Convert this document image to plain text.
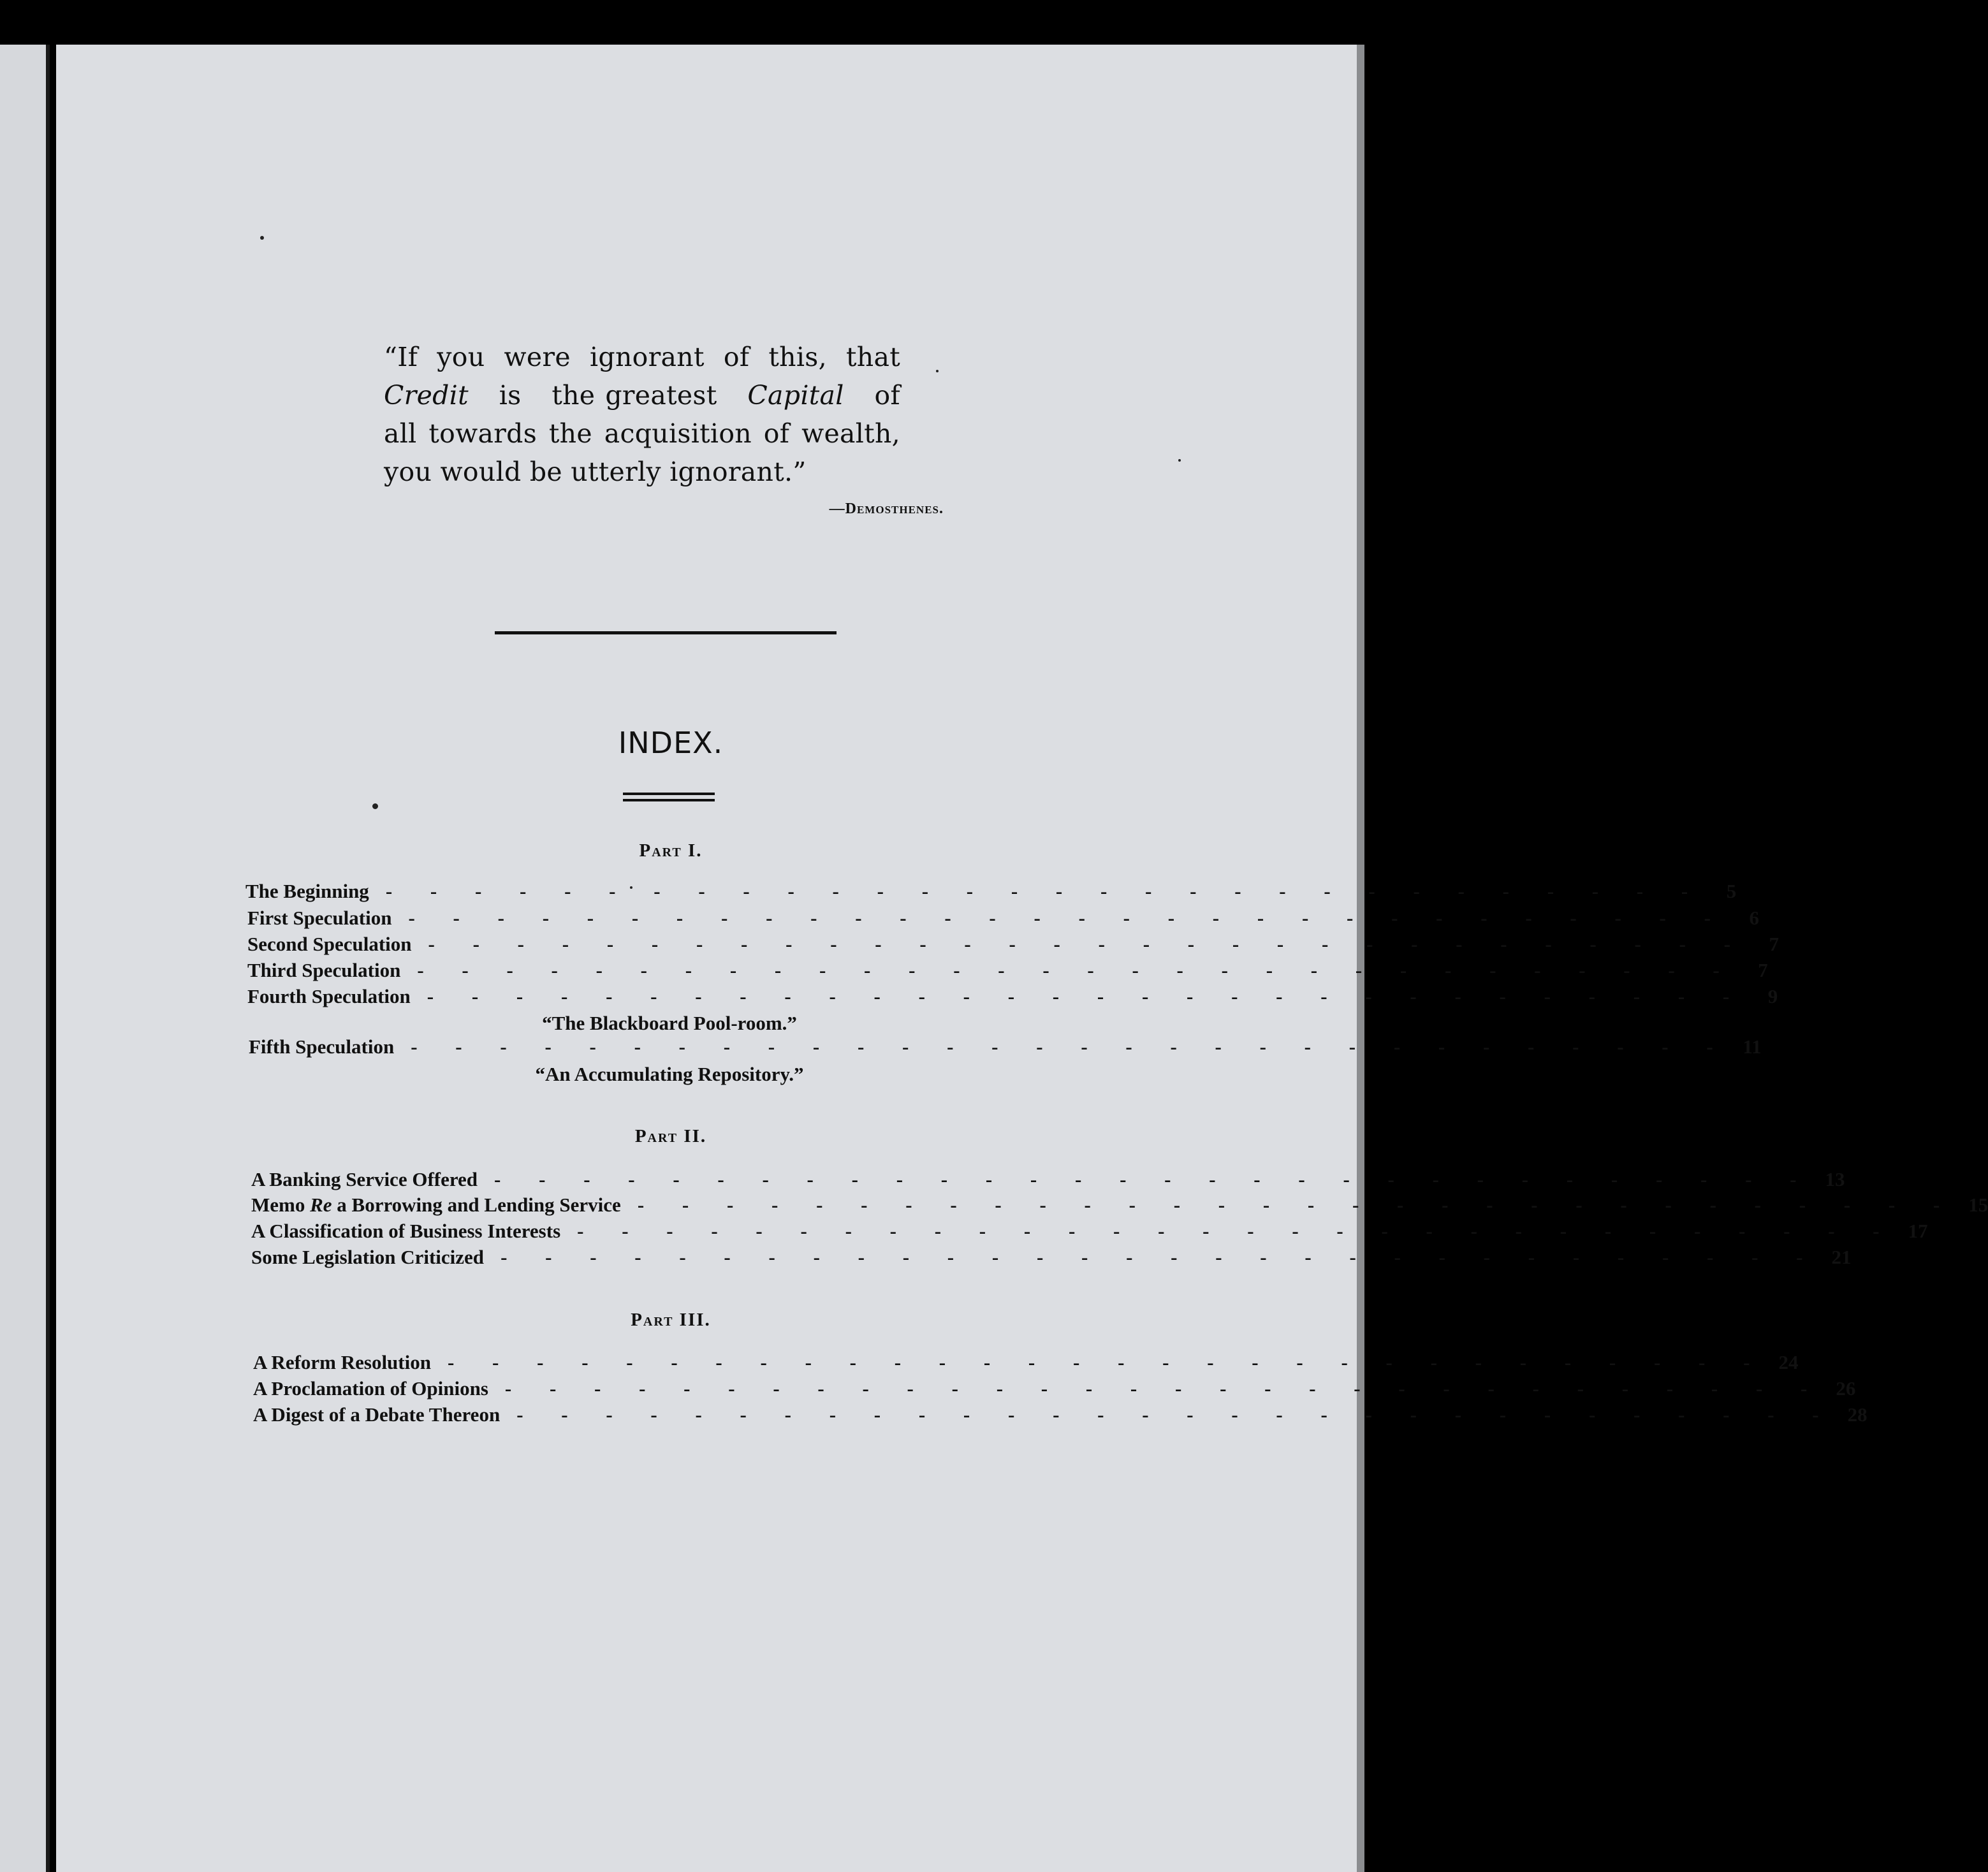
“If you were ignorant of this, that
Credit is the greatest Capital of
all towards the acquisition of wealth,
you would be utterly ignorant.”
—Demosthenes.
INDEX.
Part I.
The Beginning - - - - - - - - - - - - - - - - - - - - - - - - - - - - - -	5
First Speculation - - - - - - - - - - - - - - - - - - - - - - - - - - - - - -	6
Second Speculation - - - - - - - - - - - - - - - - - - - - - - - - - - - - - -	7
Third Speculation - - - - - - - - - - - - - - - - - - - - - - - - - - - - - -	7
Fourth Speculation - - - - - - - - - - - - - - - - - - - - - - - - - - - - - -	9
“The Blackboard Pool-room.”
Fifth Speculation - - - - - - - - - - - - - - - - - - - - - - - - - - - - - - 11
“An Accumulating Repository.”
Part II.
A Banking Service Offered - - - - - - - - - - - - - - - - - - - - - - - - - - - - - - 13
Memo Re a Borrowing and Lending Service - - - - - - - - - - - - - - - - - - - - - - - - - - - - - - 15
A Classification of Business Interests - - - - - - - - - - - - - - - - - - - - - - - - - - - - - - 17
Some Legislation Criticized - - - - - - - - - - - - - - - - - - - - - - - - - - - - - - 21
Part III.
A Reform Resolution - - - - - - - - - - - - - - - - - - - - - - - - - - - - - - 24
A Proclamation of Opinions - - - - - - - - - - - - - - - - - - - - - - - - - - - - - - 26
A Digest of a Debate Thereon - - - - - - - - - - - - - - - - - - - - - - - - - - - - - - 28
